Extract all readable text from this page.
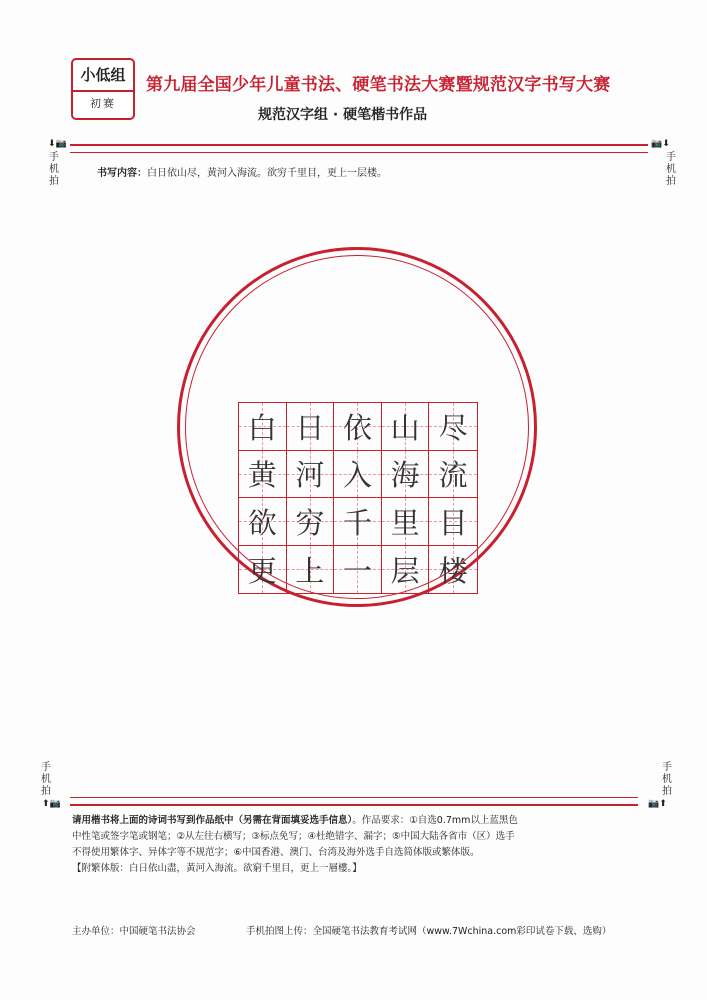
小低组
初赛
第九届全国少年儿童书法、硬笔书法大赛暨规范汉字书写大赛
规范汉字组 · 硬笔楷书作品
⬇📷
手机拍
📷⬇
手机拍
书写内容：白日依山尽，黄河入海流。欲穷千里目，更上一层楼。
白 日 依 山 尽
黄 河 入 海 流
欲 穷 千 里 目
更 上 一 层 楼
手机拍
⬆📷
手机拍
📷⬆

请用楷书将上面的诗词书写到作品纸中（另需在背面填妥选手信息）。作品要求：①自选0.7mm以上蓝黑色

中性笔或签字笔或钢笔；②从左往右横写；③标点免写；④杜绝错字、漏字；⑤中国大陆各省市（区）选手

不得使用繁体字、异体字等不规范字；⑥中国香港、澳门、台湾及海外选手自选简体版或繁体版。

【附繁体版：白日依山盡，黃河入海流。欲窮千里目，更上一層樓。】

主办单位：中国硬笔书法协会	手机拍图上传：全国硬笔书法教育考试网（www.7Wchina.com彩印试卷下载、选购）
